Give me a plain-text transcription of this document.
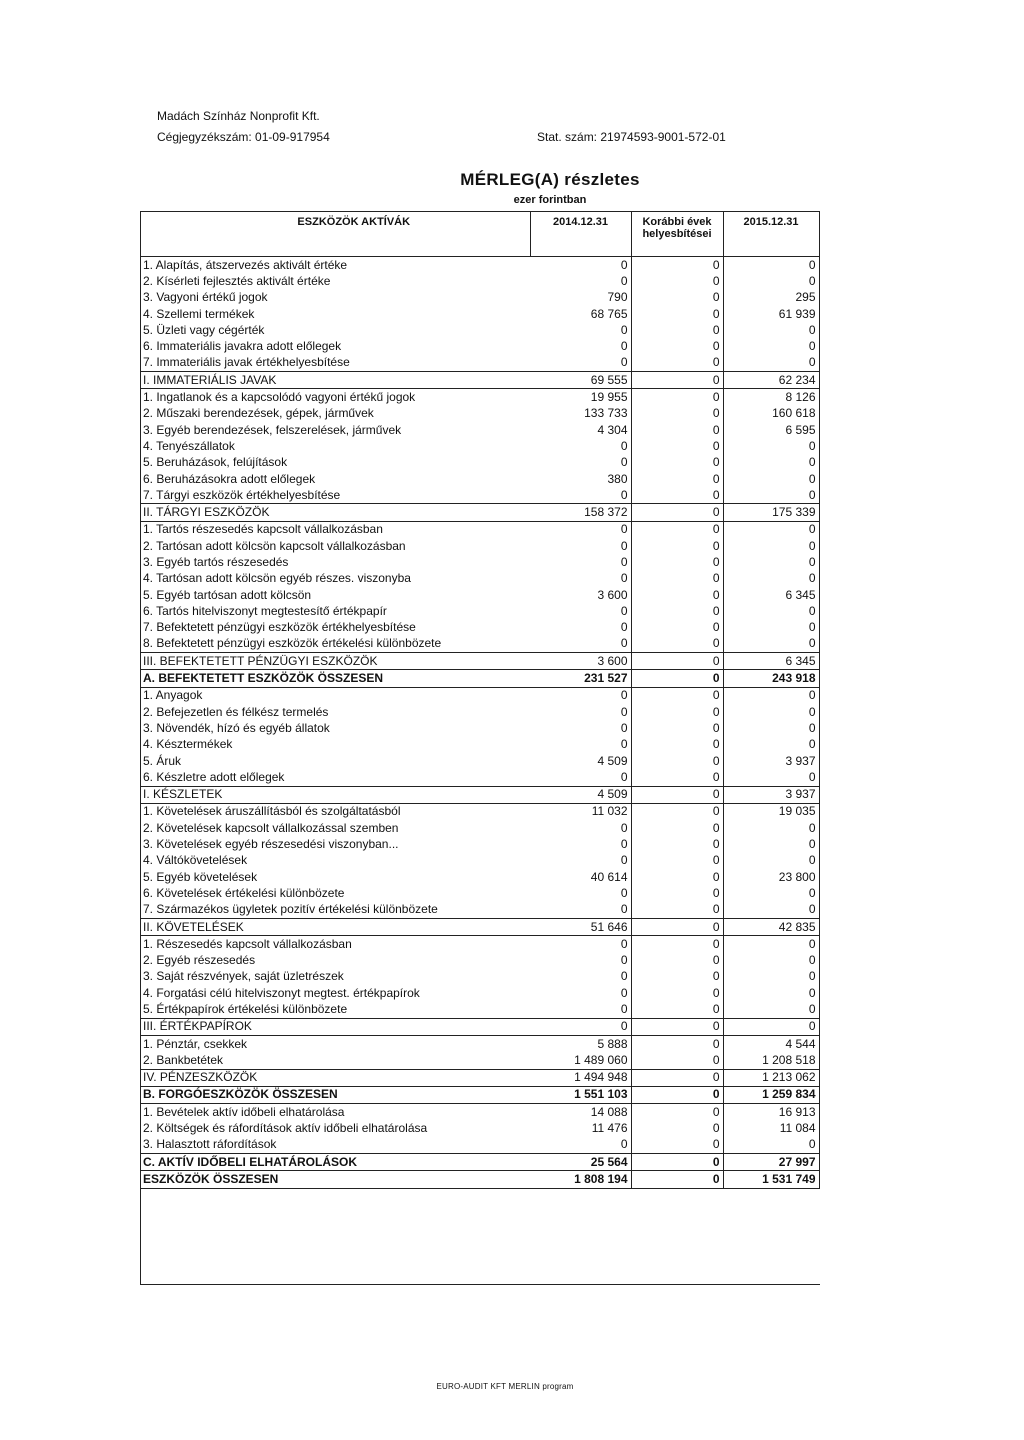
Madách Színház Nonprofit Kft.
Cégjegyzékszám: 01-09-917954	Stat. szám: 21974593-9001-572-01
MÉRLEG(A) részletes
ezer forintban
ESZKÖZÖK AKTÍVÁK	2014.12.31	Korábbi évek helyesbítései	2015.12.31
1. Alapítás, átszervezés aktivált értéke	0	0	0
2. Kísérleti fejlesztés aktivált értéke	0	0	0
3. Vagyoni értékű jogok	790	0	295
4. Szellemi termékek	68 765	0	61 939
5. Üzleti vagy cégérték	0	0	0
6. Immateriális javakra adott előlegek	0	0	0
7. Immateriális javak értékhelyesbítése	0	0	0
I. IMMATERIÁLIS JAVAK	69 555	0	62 234
1. Ingatlanok és a kapcsolódó vagyoni értékű jogok	19 955	0	8 126
2. Műszaki berendezések, gépek, járművek	133 733	0	160 618
3. Egyéb berendezések, felszerelések, járművek	4 304	0	6 595
4. Tenyészállatok	0	0	0
5. Beruházások, felújítások	0	0	0
6. Beruházásokra adott előlegek	380	0	0
7. Tárgyi eszközök értékhelyesbítése	0	0	0
II. TÁRGYI ESZKÖZÖK	158 372	0	175 339
1. Tartós részesedés kapcsolt vállalkozásban	0	0	0
2. Tartósan adott kölcsön kapcsolt vállalkozásban	0	0	0
3. Egyéb tartós részesedés	0	0	0
4. Tartósan adott kölcsön egyéb részes. viszonyba	0	0	0
5. Egyéb tartósan adott kölcsön	3 600	0	6 345
6. Tartós hitelviszonyt megtestesítő értékpapír	0	0	0
7. Befektetett pénzügyi eszközök értékhelyesbítése	0	0	0
8. Befektetett pénzügyi eszközök értékelési különbözete	0	0	0
III. BEFEKTETETT PÉNZÜGYI ESZKÖZÖK	3 600	0	6 345
A. BEFEKTETETT ESZKÖZÖK ÖSSZESEN	231 527	0	243 918
1. Anyagok	0	0	0
2. Befejezetlen és félkész termelés	0	0	0
3. Növendék, hízó és egyéb állatok	0	0	0
4. Késztermékek	0	0	0
5. Áruk	4 509	0	3 937
6. Készletre adott előlegek	0	0	0
I. KÉSZLETEK	4 509	0	3 937
1. Követelések áruszállításból és szolgáltatásból	11 032	0	19 035
2. Követelések kapcsolt vállalkozással szemben	0	0	0
3. Követelések egyéb részesedési viszonyban...	0	0	0
4. Váltókövetelések	0	0	0
5. Egyéb követelések	40 614	0	23 800
6. Követelések értékelési különbözete	0	0	0
7. Származékos ügyletek pozitív értékelési különbözete	0	0	0
II. KÖVETELÉSEK	51 646	0	42 835
1. Részesedés kapcsolt vállalkozásban	0	0	0
2. Egyéb részesedés	0	0	0
3. Saját részvények, saját üzletrészek	0	0	0
4. Forgatási célú hitelviszonyt megtest. értékpapírok	0	0	0
5. Értékpapírok értékelési különbözete	0	0	0
III. ÉRTÉKPAPÍROK	0	0	0
1. Pénztár, csekkek	5 888	0	4 544
2. Bankbetétek	1 489 060	0	1 208 518
IV. PÉNZESZKÖZÖK	1 494 948	0	1 213 062
B. FORGÓESZKÖZÖK ÖSSZESEN	1 551 103	0	1 259 834
1. Bevételek aktív időbeli elhatárolása	14 088	0	16 913
2. Költségek és ráfordítások aktív időbeli elhatárolása	11 476	0	11 084
3. Halasztott ráfordítások	0	0	0
C. AKTÍV IDŐBELI ELHATÁROLÁSOK	25 564	0	27 997
ESZKÖZÖK ÖSSZESEN	1 808 194	0	1 531 749
EURO-AUDIT KFT MERLIN program
